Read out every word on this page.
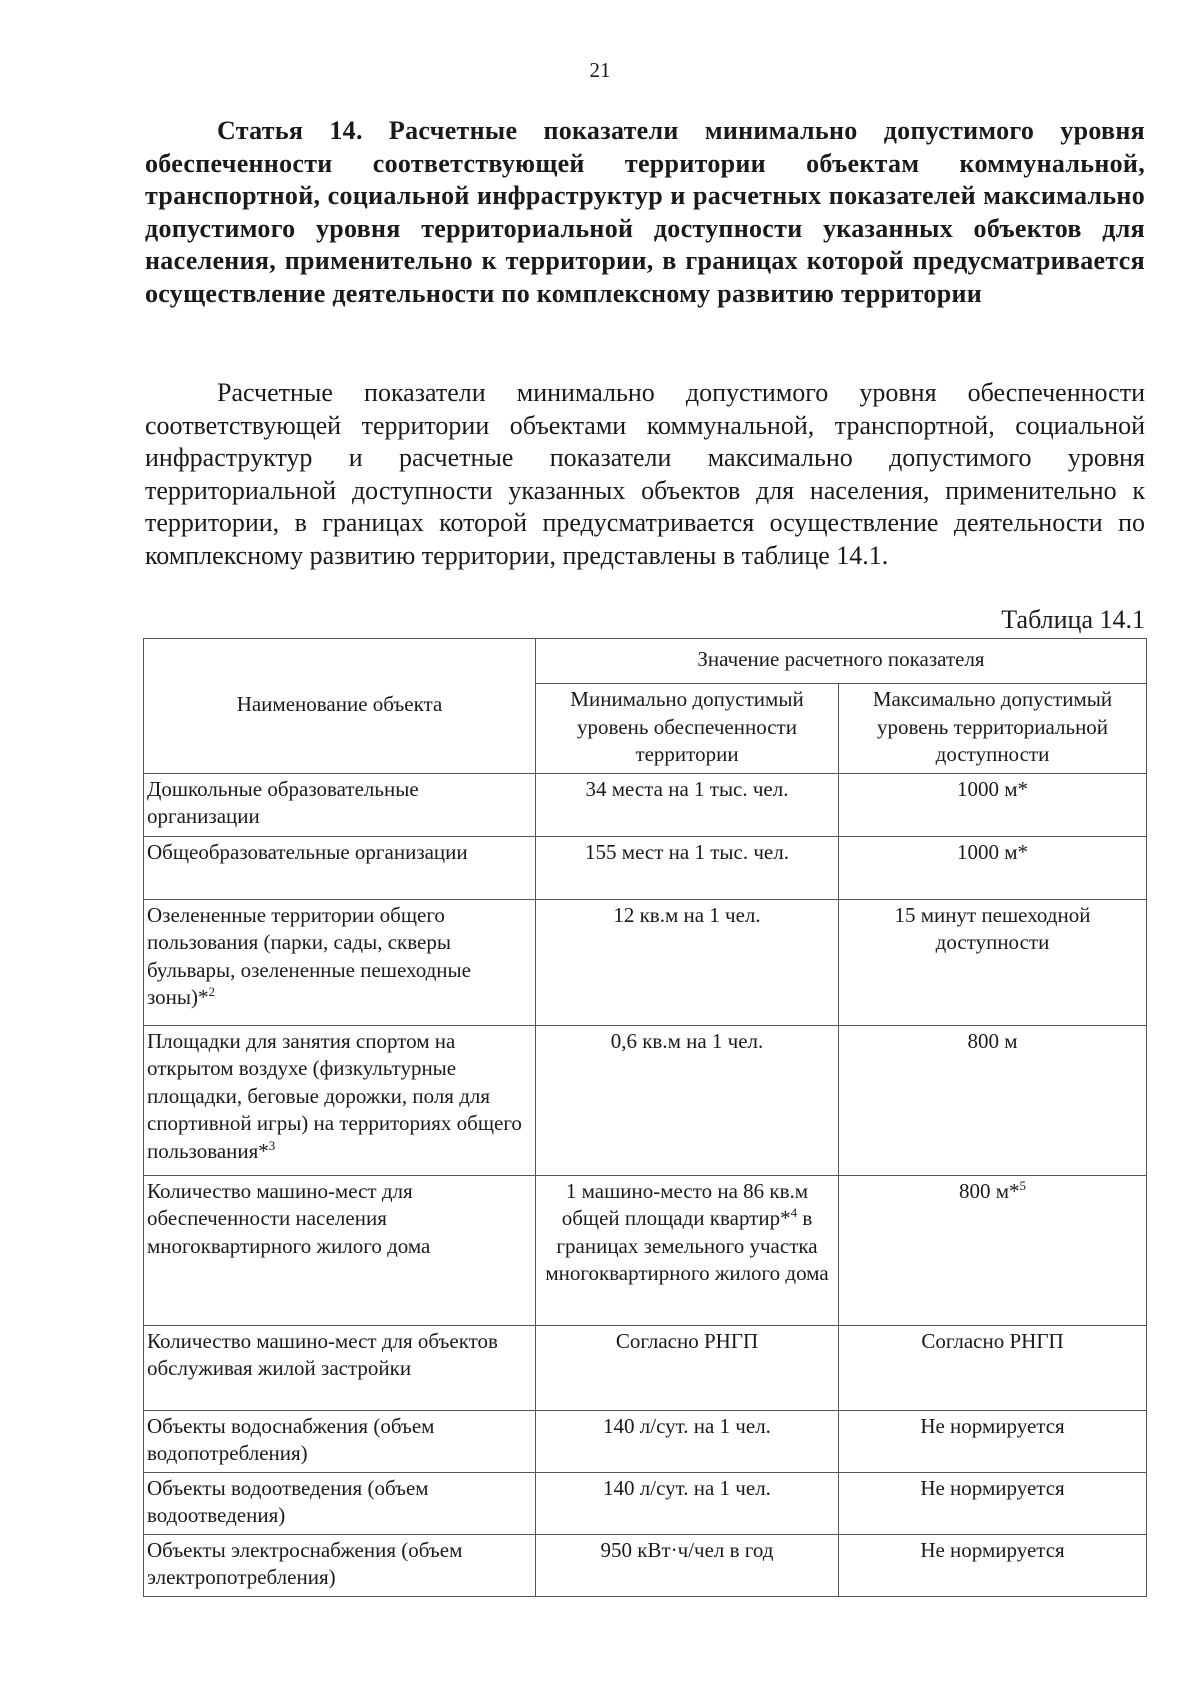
21
Статья 14. Расчетные показатели минимально допустимого уровня обеспеченности соответствующей территории объектам коммунальной, транспортной, социальной инфраструктур и расчетных показателей максимально допустимого уровня территориальной доступности указанных объектов для населения, применительно к территории, в границах которой предусматривается осуществление деятельности по комплексному развитию территории
Расчетные показатели минимально допустимого уровня обеспеченности соответствующей территории объектами коммунальной, транспортной, социальной инфраструктур и расчетные показатели максимально допустимого уровня территориальной доступности указанных объектов для населения, применительно к территории, в границах которой предусматривается осуществление деятельности по комплексному развитию территории, представлены в таблице 14.1.
Таблица 14.1
Наименование объекта	Значение расчетного показателя	
	Минимально допустимый уровень обеспеченности территории	Максимально допустимый уровень территориальной доступности
Дошкольные образовательные организации	34 места на 1 тыс. чел.	1000 м*
Общеобразовательные организации	155 мест на 1 тыс. чел.	1000 м*
Озелененные территории общего пользования (парки, сады, скверы бульвары, озелененные пешеходные зоны)*$^2$	12 кв.м на 1 чел.	15 минут пешеходной доступности
Площадки для занятия спортом на открытом воздухе (физкультурные площадки, беговые дорожки, поля для спортивной игры) на территориях общего пользования*$^3$	0,6 кв.м на 1 чел.	800 м
Количество машино-мест для обеспеченности населения многоквартирного жилого дома	1 машино-место на 86 кв.м общей площади квартир*$^4$ в границах земельного участка многоквартирного жилого дома	800 м*$^5$
Количество машино-мест для объектов обслуживая жилой застройки	Согласно РНГП	Согласно РНГП
Объекты водоснабжения (объем водопотребления)	140 л/сут. на 1 чел.	Не нормируется
Объекты водоотведения (объем водоотведения)	140 л/сут. на 1 чел.	Не нормируется
Объекты электроснабжения (объем электропотребления)	950 кВт·ч/чел в год	Не нормируется
